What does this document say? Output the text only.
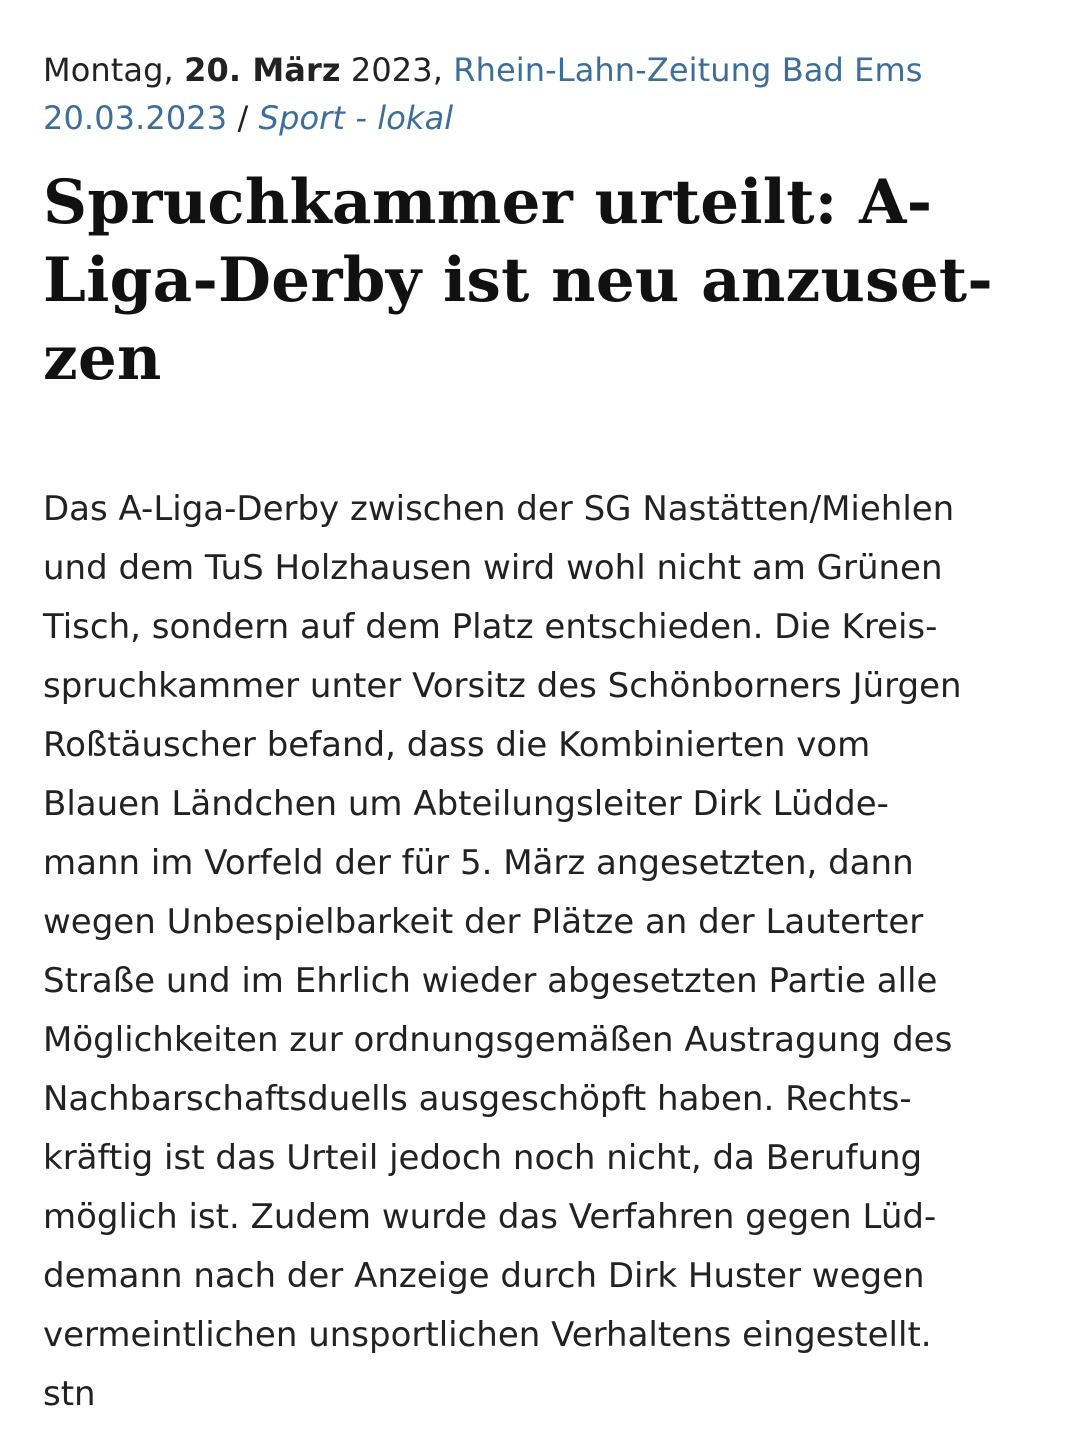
Montag, 20. März 2023, Rhein-Lahn-Zeitung Bad Ems
20.03.2023 / Sport - lokal
Spruchkammer urteilt: A-
Liga-Derby ist neu anzuset-
zen
Das A-Liga-Derby zwischen der SG Nastätten/Miehlen
und dem TuS Holzhausen wird wohl nicht am Grünen
Tisch, sondern auf dem Platz entschieden. Die Kreis-
spruchkammer unter Vorsitz des Schönborners Jürgen
Roßtäuscher befand, dass die Kombinierten vom
Blauen Ländchen um Abteilungsleiter Dirk Lüdde-
mann im Vorfeld der für 5. März angesetzten, dann
wegen Unbespielbarkeit der Plätze an der Lauterter
Straße und im Ehrlich wieder abgesetzten Partie alle
Möglichkeiten zur ordnungsgemäßen Austragung des
Nachbarschaftsduells ausgeschöpft haben. Rechts-
kräftig ist das Urteil jedoch noch nicht, da Berufung
möglich ist. Zudem wurde das Verfahren gegen Lüd-
demann nach der Anzeige durch Dirk Huster wegen
vermeintlichen unsportlichen Verhaltens eingestellt.
stn
